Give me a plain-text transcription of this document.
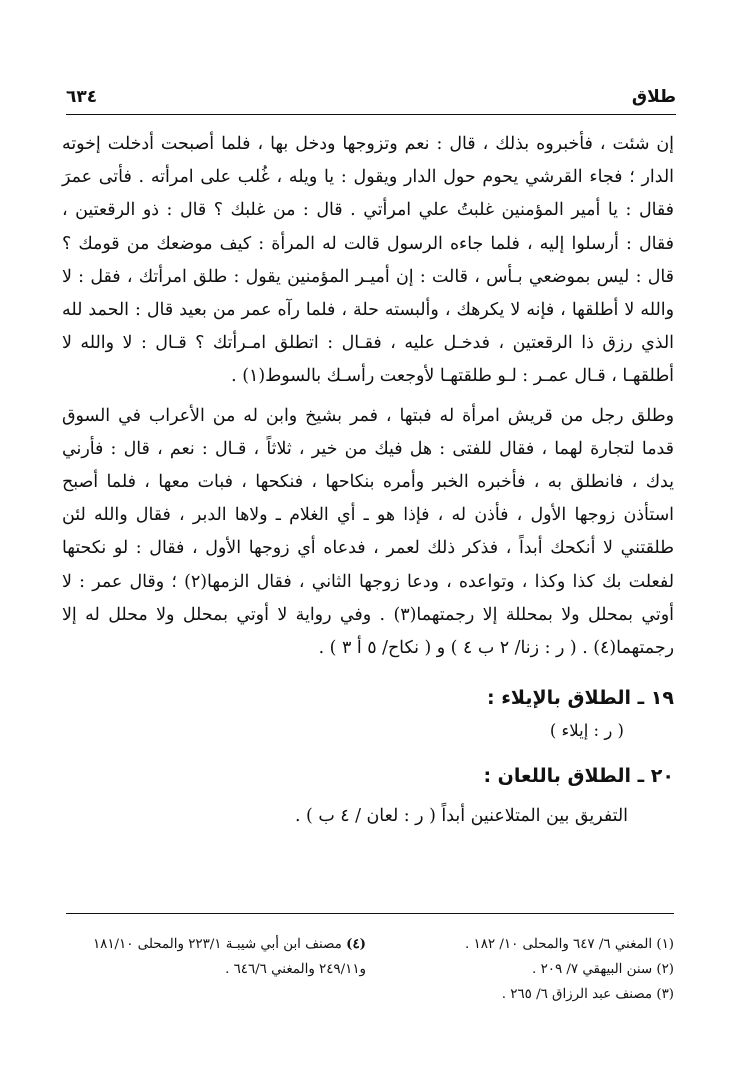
طلاق
٦٣٤

إن شئت ، فأخبروه بذلك ، قال : نعم وتزوجها ودخل بها ، فلما أصبحت أدخلت إخوته الدار ؛ فجاء القرشي يحوم حول الدار ويقول : يا ويله ، غُلب على امرأته . فأتى عمرَ فقال : يا أمير المؤمنين غلبتُ علي امرأتي . قال : من غلبك ؟ قال : ذو الرقعتين ، فقال : أرسلوا إليه ، فلما جاءه الرسول قالت له المرأة : كيف موضعك من قومك ؟ قال : ليس بموضعي بـأس ، قالت : إن أميـر المؤمنين يقول : طلق امرأتك ، فقل : لا والله لا أطلقها ، فإنه لا يكرهك ، وألبسته حلة ، فلما رآه عمر من بعيد قال : الحمد لله الذي رزق ذا الرقعتين ، فدخـل عليه ، فقـال : اتطلق امـرأتك ؟ قـال : لا والله لا أطلقهـا ، قـال عمـر : لـو طلقتهـا لأوجعت رأسـك بالسوط(١) .

وطلق رجل من قريش امرأة له فبتها ، فمر بشيخ وابن له من الأعراب في السوق قدما لتجارة لهما ، فقال للفتى : هل فيك من خير ، ثلاثاً ، قـال : نعم ، قال : فأرني يدك ، فانطلق به ، فأخبره الخبر وأمره بنكاحها ، فنكحها ، فبات معها ، فلما أصبح استأذن زوجها الأول ، فأذن له ، فإذا هو ـ أي الغلام ـ ولاها الدبر ، فقال والله لئن طلقتني لا أنكحك أبداً ، فذكر ذلك لعمر ، فدعاه أي زوجها الأول ، فقال : لو نكحتها لفعلت بك كذا وكذا ، وتواعده ، ودعا زوجها الثاني ، فقال الزمها(٢) ؛ وقال عمر : لا أوتي بمحلل ولا بمحللة إلا رجمتهما(٣) . وفي رواية لا أوتي بمحلل ولا محلل له إلا رجمتهما(٤) . ( ر : زنا/ ٢ ب ٤ ) و ( نكاح/ ٥ أ ٣ ) .

١٩ ـ الطلاق بالإيلاء :
( ر : إيلاء )
٢٠ ـ الطلاق باللعان :
التفريق بين المتلاعنين أبداً ( ر : لعان / ٤ ب ) .
(١) المغني ٦/ ٦٤٧ والمحلى ١٠/ ١٨٢ .
(٢) سنن البيهقي ٧/ ٢٠٩ .
(٣) مصنف عبد الرزاق ٦/ ٢٦٥ .
(٤) مصنف ابن أبي شيبـة ٢٢٣/١ والمحلى ١٨١/١٠ و٢٤٩/١١ والمغني ٦٤٦/٦ .
